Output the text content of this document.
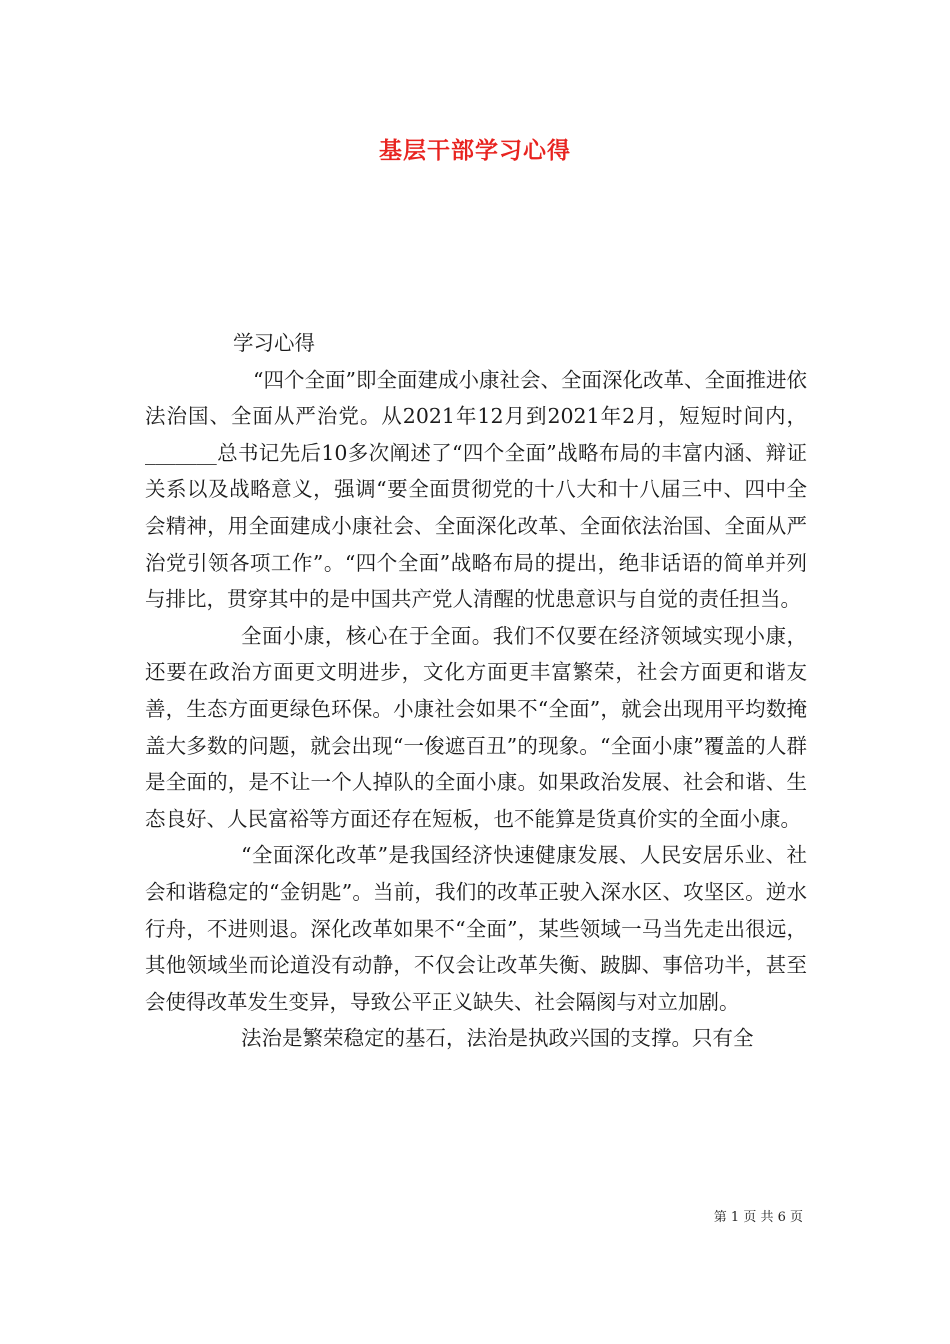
基层干部学习心得

学习心得

“四个全面”即全面建成小康社会、全面深化改革、全面推进依法治国、全面从严治党。从2021年12月到2021年2月，短短时间内，_______总书记先后10多次阐述了“四个全面”战略布局的丰富内涵、辩证关系以及战略意义，强调“要全面贯彻党的十八大和十八届三中、四中全会精神，用全面建成小康社会、全面深化改革、全面依法治国、全面从严治党引领各项工作”。“四个全面”战略布局的提出，绝非话语的简单并列与排比，贯穿其中的是中国共产党人清醒的忧患意识与自觉的责任担当。

全面小康，核心在于全面。我们不仅要在经济领域实现小康，还要在政治方面更文明进步，文化方面更丰富繁荣，社会方面更和谐友善，生态方面更绿色环保。小康社会如果不“全面”，就会出现用平均数掩盖大多数的问题，就会出现“一俊遮百丑”的现象。“全面小康”覆盖的人群是全面的，是不让一个人掉队的全面小康。如果政治发展、社会和谐、生态良好、人民富裕等方面还存在短板，也不能算是货真价实的全面小康。

“全面深化改革”是我国经济快速健康发展、人民安居乐业、社会和谐稳定的“金钥匙”。当前，我们的改革正驶入深水区、攻坚区。逆水行舟，不进则退。深化改革如果不“全面”，某些领域一马当先走出很远，其他领域坐而论道没有动静，不仅会让改革失衡、跛脚、事倍功半，甚至会使得改革发生变异，导致公平正义缺失、社会隔阂与对立加剧。

法治是繁荣稳定的基石，法治是执政兴国的支撑。只有全

第 1 页 共 6 页
